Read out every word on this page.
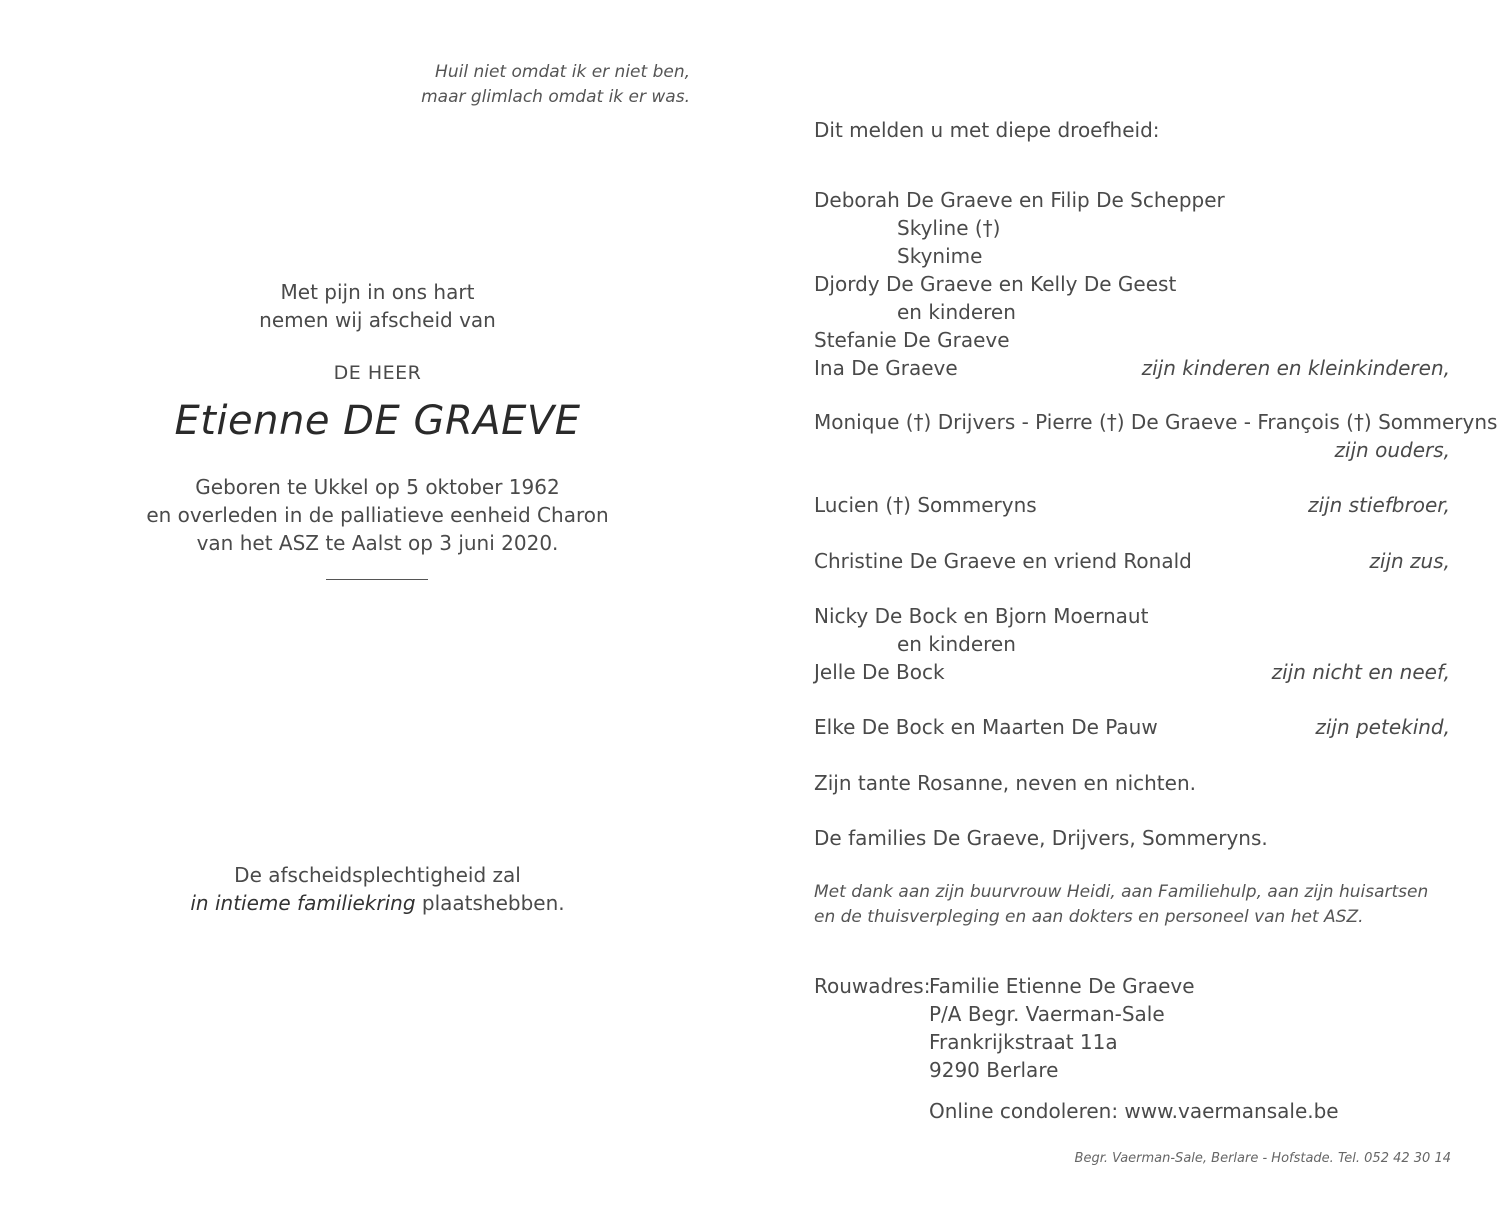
Huil niet omdat ik er niet ben,
maar glimlach omdat ik er was.
Met pijn in ons hart
nemen wij afscheid van
DE HEER
Etienne DE GRAEVE
Geboren te Ukkel op 5 oktober 1962
en overleden in de palliatieve eenheid Charon
van het ASZ te Aalst op 3 juni 2020.
De afscheidsplechtigheid zal
in intieme familiekring plaatshebben.
Dit melden u met diepe droefheid:
Deborah De Graeve en Filip De Schepper
Skyline (†)
Skynime
Djordy De Graeve en Kelly De Geest
en kinderen
Stefanie De Graeve
Ina De Graeve	zijn kinderen en kleinkinderen,
Monique (†) Drijvers - Pierre (†) De Graeve - François (†) Sommeryns
zijn ouders,
Lucien (†) Sommeryns	zijn stiefbroer,
Christine De Graeve en vriend Ronald	zijn zus,
Nicky De Bock en Bjorn Moernaut
en kinderen
Jelle De Bock	zijn nicht en neef,
Elke De Bock en Maarten De Pauw	zijn petekind,
Zijn tante Rosanne, neven en nichten.
De families De Graeve, Drijvers, Sommeryns.
Met dank aan zijn buurvrouw Heidi, aan Familiehulp, aan zijn huisartsen
en de thuisverpleging en aan dokters en personeel van het ASZ.
Rouwadres:
Familie Etienne De Graeve
P/A Begr. Vaerman-Sale
Frankrijkstraat 11a
9290 Berlare
Online condoleren: www.vaermansale.be
Begr. Vaerman-Sale, Berlare - Hofstade. Tel. 052 42 30 14
